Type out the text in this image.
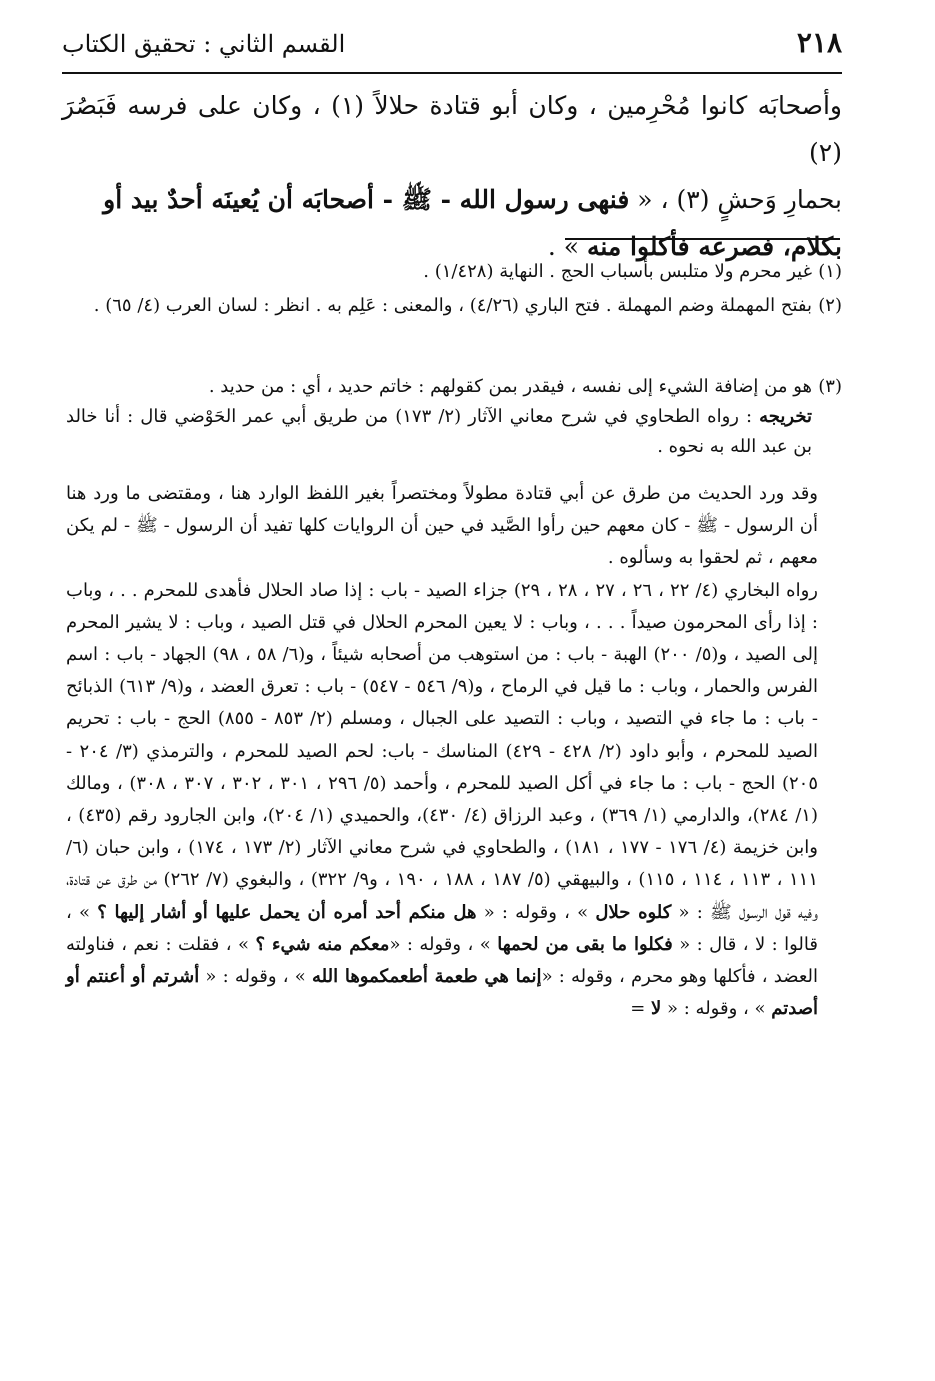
٢١٨
القسم الثاني : تحقيق الكتاب

وأصحابَه كانوا مُحْرِمين ، وكان أبو قتادة حلالاً (١) ، وكان على فرسه فَبَصُرَ (٢)

بحمارِ وَحشٍ (٣) ، « فنهى رسول الله - ﷺ - أصحابَه أن يُعينَه أحدٌ بيد أو

بكلام، فصرعه فأكلوا منه » .

(١)غير محرم ولا متلبس بأسباب الحج . النهاية (١/٤٢٨) .

(٢)بفتح المهملة وضم المهملة . فتح الباري (٤/٢٦) ، والمعنى : عَلِم به . انظر : لسان العرب (٤/ ٦٥) .

(٣)هو من إضافة الشيء إلى نفسه ، فيقدر بمن كقولهم : خاتم حديد ، أي : من حديد .

تخريجه : رواه الطحاوي في شرح معاني الآثار (٢/ ١٧٣) من طريق أبي عمر الحَوْضي قال : أنا خالد بن عبد الله به نحوه .

وقد ورد الحديث من طرق عن أبي قتادة مطولاً ومختصراً بغير اللفظ الوارد هنا ، ومقتضى ما ورد هنا أن الرسول - ﷺ - كان معهم حين رأوا الصَّيد في حين أن الروايات كلها تفيد أن الرسول - ﷺ - لم يكن معهم ، ثم لحقوا به وسألوه .

رواه البخاري (٤/ ٢٢ ، ٢٦ ، ٢٧ ، ٢٨ ، ٢٩) جزاء الصيد - باب : إذا صاد الحلال فأهدى للمحرم . . ، وباب : إذا رأى المحرمون صيداً . . . ، وباب : لا يعين المحرم الحلال في قتل الصيد ، وباب : لا يشير المحرم إلى الصيد ، و(٥/ ٢٠٠) الهبة - باب : من استوهب من أصحابه شيئاً ، و(٦/ ٥٨ ، ٩٨) الجهاد - باب : اسم الفرس والحمار ، وباب : ما قيل في الرماح ، و(٩/ ٥٤٦ - ٥٤٧) - باب : تعرق العضد ، و(٩/ ٦١٣) الذبائح - باب : ما جاء في التصيد ، وباب : التصيد على الجبال ، ومسلم (٢/ ٨٥٣ - ٨٥٥) الحج - باب : تحريم الصيد للمحرم ، وأبو داود (٢/ ٤٢٨ - ٤٢٩) المناسك - باب: لحم الصيد للمحرم ، والترمذي (٣/ ٢٠٤ - ٢٠٥) الحج - باب : ما جاء في أكل الصيد للمحرم ، وأحمد (٥/ ٢٩٦ ، ٣٠١ ، ٣٠٢ ، ٣٠٧ ، ٣٠٨) ، ومالك (١/ ٢٨٤)، والدارمي (١/ ٣٦٩) ، وعبد الرزاق (٤/ ٤٣٠)، والحميدي (١/ ٢٠٤)، وابن الجارود رقم (٤٣٥) ، وابن خزيمة (٤/ ١٧٦ - ١٧٧ ، ١٨١) ، والطحاوي في شرح معاني الآثار (٢/ ١٧٣ ، ١٧٤) ، وابن حبان (٦/ ١١١ ، ١١٣ ، ١١٤ ، ١١٥) ، والبيهقي (٥/ ١٨٧ ، ١٨٨ ، ١٩٠ ، و٩/ ٣٢٢) ، والبغوي (٧/ ٢٦٢) من طرق عن قتادة، وفيه قول الرسول ﷺ : « كلوه حلال » ، وقوله : « هل منكم أحد أمره أن يحمل عليها أو أشار إليها ؟ » ، قالوا : لا ، قال : « فكلوا ما بقى من لحمها » ، وقوله : «معكم منه شيء ؟ » ، فقلت : نعم ، فناولته العضد ، فأكلها وهو محرم ، وقوله : «إنما هي طعمة أطعمكموها الله » ، وقوله : « أشرتم أو أعنتم أو أصدتم » ، وقوله : « لا =
